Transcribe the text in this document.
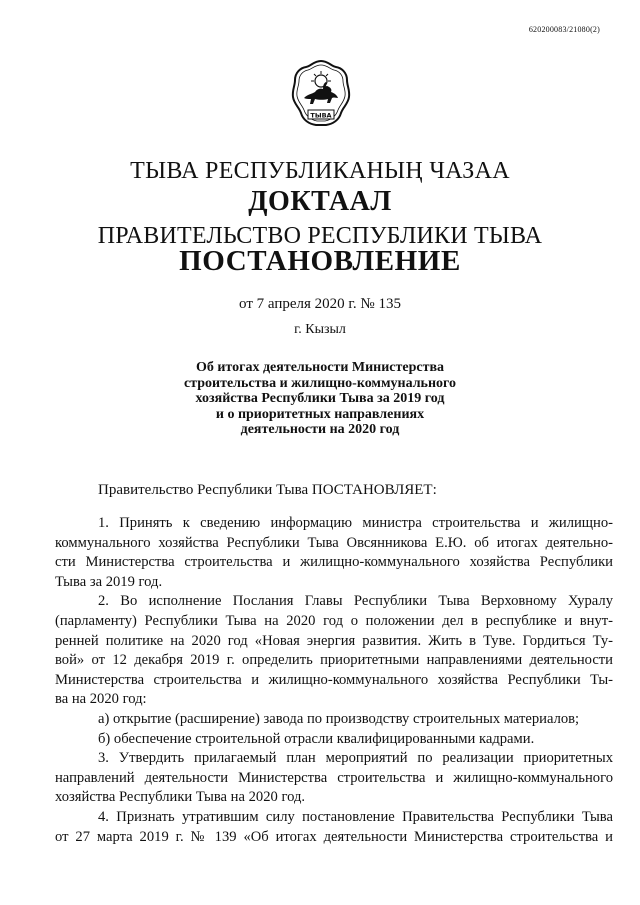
620200083/21080(2)
ТЫВА
ТЫВА РЕСПУБЛИКАНЫҢ ЧАЗАА
ДОКТААЛ
ПРАВИТЕЛЬСТВО РЕСПУБЛИКИ ТЫВА
ПОСТАНОВЛЕНИЕ
от 7 апреля 2020 г. № 135
г. Кызыл
Об итогах деятельности Министерства
строительства и жилищно-коммунального
хозяйства Республики Тыва за 2019 год
и о приоритетных направлениях
деятельности на 2020 год
Правительство Республики Тыва ПОСТАНОВЛЯЕТ:
1. Принять к сведению информацию министра строительства и жилищно-
коммунального хозяйства Республики Тыва Овсянникова Е.Ю. об итогах деятельно-
сти Министерства строительства и жилищно-коммунального хозяйства Республики
Тыва за 2019 год.
2. Во исполнение Послания Главы Республики Тыва Верховному Хуралу
(парламенту) Республики Тыва на 2020 год о положении дел в республике и внут-
ренней политике на 2020 год «Новая энергия развития. Жить в Туве. Гордиться Ту-
вой» от 12 декабря 2019 г. определить приоритетными направлениями деятельности
Министерства строительства и жилищно-коммунального хозяйства Республики Ты-
ва на 2020 год:
а) открытие (расширение) завода по производству строительных материалов;
б) обеспечение строительной отрасли квалифицированными кадрами.
3. Утвердить прилагаемый план мероприятий по реализации приоритетных
направлений деятельности Министерства строительства и жилищно-коммунального
хозяйства Республики Тыва на 2020 год.
4. Признать утратившим силу постановление Правительства Республики Тыва
от 27 марта 2019 г. № 139 «Об итогах деятельности Министерства строительства и
